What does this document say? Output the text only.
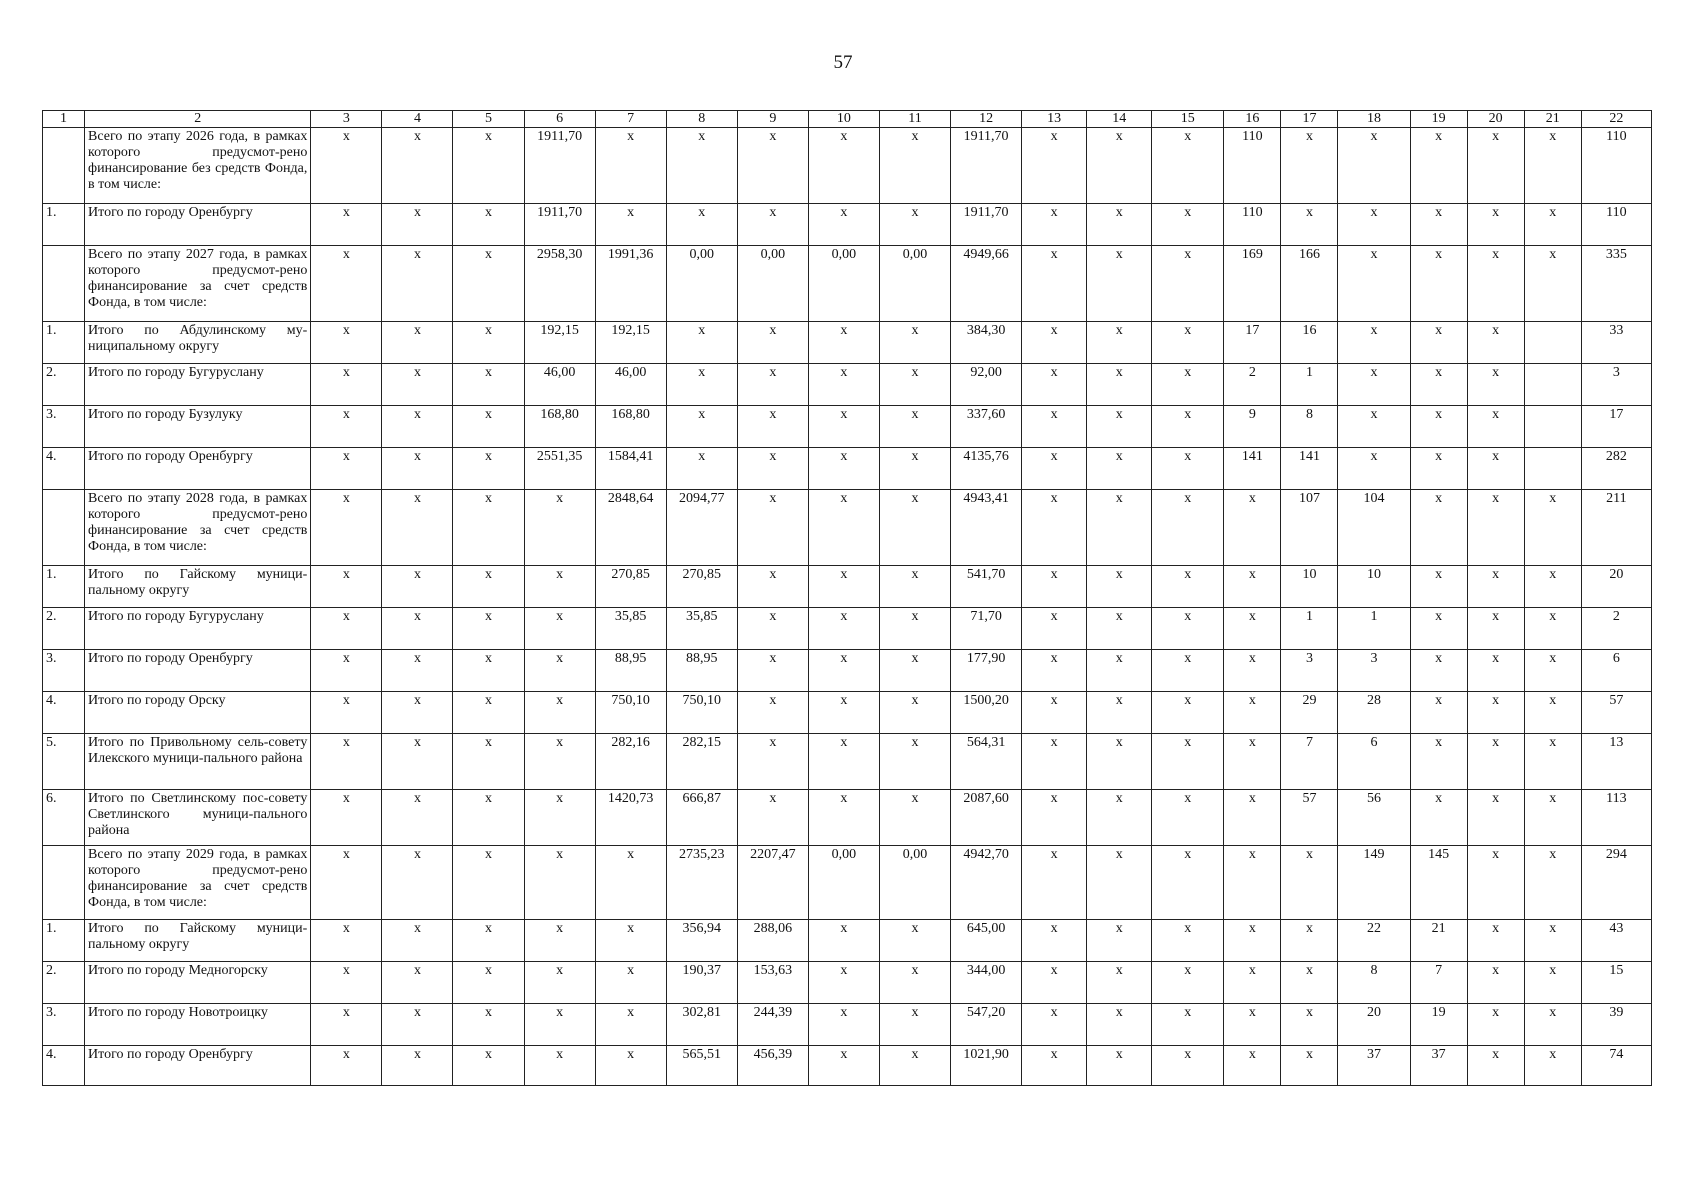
57
1	2	3	4	5	6	7	8	9	10	11	12	13	14	15	16	17	18	19	20	21	22
	Всего по этапу 2026 года, в рамках которого предусмот-рено финансирование без средств Фонда, в том числе:	х	х	х	1911,70	х	х	х	х	х	1911,70	х	х	х	110	х	х	х	х	х	110
1.	Итого по городу Оренбургу	х	х	х	1911,70	х	х	х	х	х	1911,70	х	х	х	110	х	х	х	х	х	110
	Всего по этапу 2027 года, в рамках которого предусмот-рено финансирование за счет средств Фонда, в том числе:	х	х	х	2958,30	1991,36	0,00	0,00	0,00	0,00	4949,66	х	х	х	169	166	х	х	х	х	335
1.	Итого по Абдулинскому му-ниципальному округу	х	х	х	192,15	192,15	х	х	х	х	384,30	х	х	х	17	16	х	х	х		33
2.	Итого по городу Бугуруслану	х	х	х	46,00	46,00	х	х	х	х	92,00	х	х	х	2	1	х	х	х		3
3.	Итого по городу Бузулуку	х	х	х	168,80	168,80	х	х	х	х	337,60	х	х	х	9	8	х	х	х		17
4.	Итого по городу Оренбургу	х	х	х	2551,35	1584,41	х	х	х	х	4135,76	х	х	х	141	141	х	х	х		282
	Всего по этапу 2028 года, в рамках которого предусмот-рено финансирование за счет средств Фонда, в том числе:	х	х	х	х	2848,64	2094,77	х	х	х	4943,41	х	х	х	х	107	104	х	х	х	211
1.	Итого по Гайскому муници-пальному округу	х	х	х	х	270,85	270,85	х	х	х	541,70	х	х	х	х	10	10	х	х	х	20
2.	Итого по городу Бугуруслану	х	х	х	х	35,85	35,85	х	х	х	71,70	х	х	х	х	1	1	х	х	х	2
3.	Итого по городу Оренбургу	х	х	х	х	88,95	88,95	х	х	х	177,90	х	х	х	х	3	3	х	х	х	6
4.	Итого по городу Орску	х	х	х	х	750,10	750,10	х	х	х	1500,20	х	х	х	х	29	28	х	х	х	57
5.	Итого по Привольному сель-совету Илекского муници-пального района	х	х	х	х	282,16	282,15	х	х	х	564,31	х	х	х	х	7	6	х	х	х	13
6.	Итого по Светлинскому пос-совету Светлинского муници-пального района	х	х	х	х	1420,73	666,87	х	х	х	2087,60	х	х	х	х	57	56	х	х	х	113
	Всего по этапу 2029 года, в рамках которого предусмот-рено финансирование за счет средств Фонда, в том числе:	х	х	х	х	х	2735,23	2207,47	0,00	0,00	4942,70	х	х	х	х	х	149	145	х	х	294
1.	Итого по Гайскому муници-пальному округу	х	х	х	х	х	356,94	288,06	х	х	645,00	х	х	х	х	х	22	21	х	х	43
2.	Итого по городу Медногорску	х	х	х	х	х	190,37	153,63	х	х	344,00	х	х	х	х	х	8	7	х	х	15
3.	Итого по городу Новотроицку	х	х	х	х	х	302,81	244,39	х	х	547,20	х	х	х	х	х	20	19	х	х	39
4.	Итого по городу Оренбургу	х	х	х	х	х	565,51	456,39	х	х	1021,90	х	х	х	х	х	37	37	х	х	74
